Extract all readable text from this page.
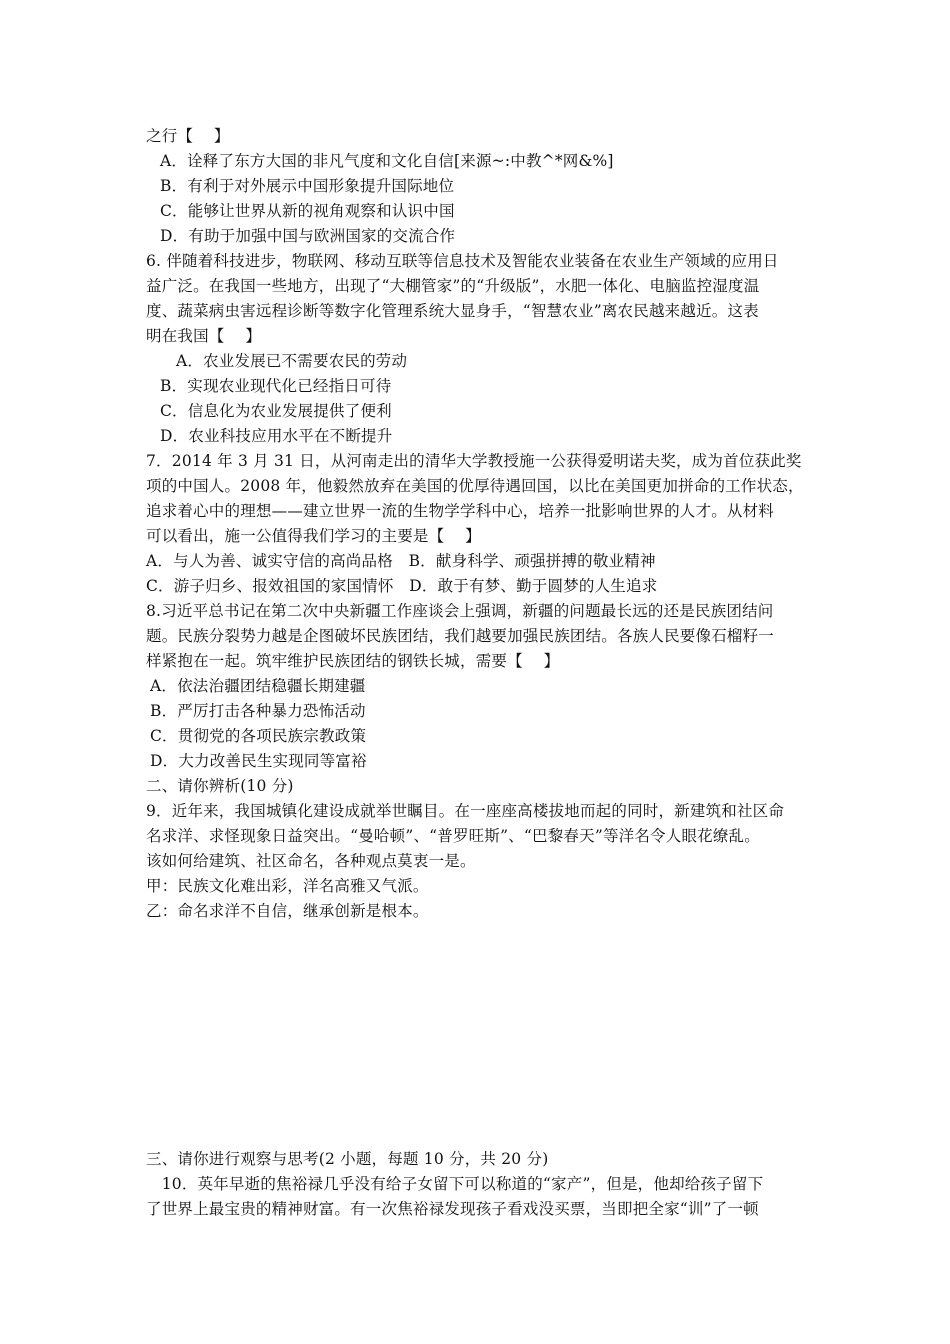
之行【　 】
A．诠释了东方大国的非凡气度和文化自信[来源~:中教^*网&%]
B．有利于对外展示中国形象提升国际地位
C．能够让世界从新的视角观察和认识中国
D．有助于加强中国与欧洲国家的交流合作
6. 伴随着科技进步，物联网、移动互联等信息技术及智能农业装备在农业生产领域的应用日
益广泛。在我国一些地方，出现了“大棚管家”的“升级版”，水肥一体化、电脑监控湿度温
度、蔬菜病虫害远程诊断等数字化管理系统大显身手，“智慧农业”离农民越来越近。这表
明在我国【　 】
A．农业发展已不需要农民的劳动
B．实现农业现代化已经指日可待
C．信息化为农业发展提供了便利
D．农业科技应用水平在不断提升
7．2014 年 3 月 31 日，从河南走出的清华大学教授施一公获得爱明诺夫奖，成为首位获此奖
项的中国人。2008 年，他毅然放弃在美国的优厚待遇回国，以比在美国更加拼命的工作状态，
追求着心中的理想——建立世界一流的生物学学科中心，培养一批影响世界的人才。从材料
可以看出，施一公值得我们学习的主要是【　 】
A．与人为善、诚实守信的高尚品格　B．献身科学、顽强拼搏的敬业精神
C．游子归乡、报效祖国的家国情怀　D．敢于有梦、勤于圆梦的人生追求
8.习近平总书记在第二次中央新疆工作座谈会上强调，新疆的问题最长远的还是民族团结问
题。民族分裂势力越是企图破坏民族团结，我们越要加强民族团结。各族人民要像石榴籽一
样紧抱在一起。筑牢维护民族团结的钢铁长城，需要【　 】
A．依法治疆团结稳疆长期建疆
B．严厉打击各种暴力恐怖活动
C．贯彻党的各项民族宗教政策
D．大力改善民生实现同等富裕
二、请你辨析(10 分)
9．近年来，我国城镇化建设成就举世瞩目。在一座座高楼拔地而起的同时，新建筑和社区命
名求洋、求怪现象日益突出。“曼哈顿”、“普罗旺斯”、“巴黎春天”等洋名令人眼花缭乱。
该如何给建筑、社区命名，各种观点莫衷一是。
甲：民族文化难出彩，洋名高雅又气派。
乙：命名求洋不自信，继承创新是根本。
三、请你进行观察与思考(2 小题，每题 10 分，共 20 分)
　10．英年早逝的焦裕禄几乎没有给子女留下可以称道的“家产”，但是，他却给孩子留下
了世界上最宝贵的精神财富。有一次焦裕禄发现孩子看戏没买票，当即把全家“训”了一顿
